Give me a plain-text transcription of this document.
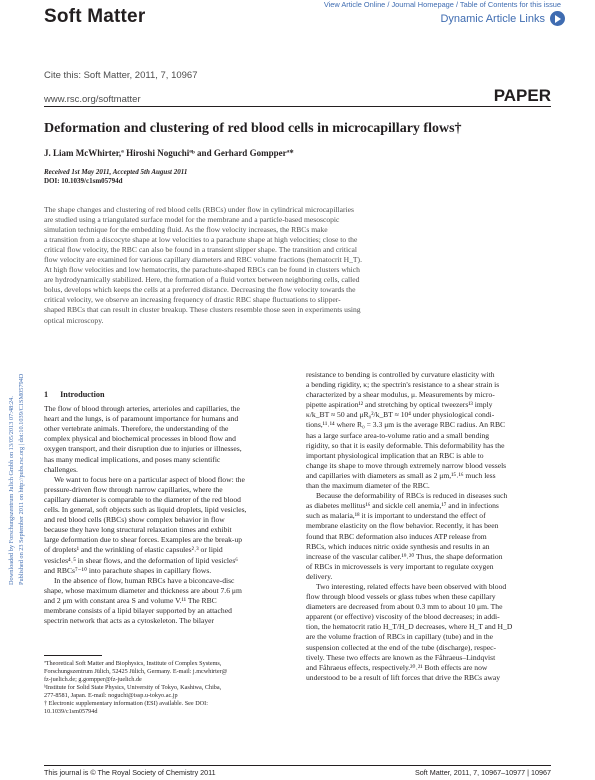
Soft Matter
View Article Online / Journal Homepage / Table of Contents for this issue
Dynamic Article Links
Cite this: Soft Matter, 2011, 7, 10967
www.rsc.org/softmatter	PAPER
Deformation and clustering of red blood cells in microcapillary flows†
J. Liam McWhirter,ª Hiroshi Noguchiªᵇ and Gerhard Gompperª*
Received 1st May 2011, Accepted 5th August 2011
DOI: 10.1039/c1sm05794d
Downloaded by Forschungszentrum Julich Gmbh on 13/05/2013 07:48:24. Published on 23 September 2011 on http://pubs.rsc.org | doi:10.1039/C1SM05794D
The shape changes and clustering of red blood cells (RBCs) under flow in cylindrical microcapillaries
are studied using a triangulated surface model for the membrane and a particle-based mesoscopic
simulation technique for the embedding fluid. As the flow velocity increases, the RBCs make
a transition from a discocyte shape at low velocities to a parachute shape at high velocities; close to the
critical flow velocity, the RBC can also be found in a transient slipper shape. The transition and critical
flow velocity are examined for various capillary diameters and RBC volume fractions (hematocrit H_T).
At high flow velocities and low hematocrits, the parachute-shaped RBCs can be found in clusters which
are hydrodynamically stabilized. Here, the formation of a fluid vortex between neighboring cells, called
bolus, develops which keeps the cells at a preferred distance. Decreasing the flow velocity towards the
critical velocity, we observe an increasing frequency of drastic RBC shape fluctuations to slipper-
shaped RBCs that can result in cluster breakup. These clusters resemble those seen in experiments using
optical microscopy.
1 Introduction
The flow of blood through arteries, arterioles and capillaries, the
heart and the lungs, is of paramount importance for humans and
other vertebrate animals. Therefore, the understanding of the
complex physical and biochemical processes in blood flow and
oxygen transport, and their disruption due to injuries or illnesses,
has many medical implications, and poses many scientific
challenges.
We want to focus here on a particular aspect of blood flow: the
pressure-driven flow through narrow capillaries, where the
capillary diameter is comparable to the diameter of the red blood
cells. In general, soft objects such as liquid droplets, lipid vesicles,
and red blood cells (RBCs) show complex behavior in flow
because they have long structural relaxation times and exhibit
large deformation due to shear forces. Examples are the break-up
of droplets¹ and the wrinkling of elastic capsules²˒³ or lipid
vesicles⁴˒⁵ in shear flows, and the deformation of lipid vesicles⁶
and RBCs⁷⁻¹⁰ into parachute shapes in capillary flows.
In the absence of flow, human RBCs have a biconcave-disc
shape, whose maximum diameter and thickness are about 7.6 μm
and 2 μm with constant area S and volume V.¹¹ The RBC
membrane consists of a lipid bilayer supported by an attached
spectrin network that acts as a cytoskeleton. The bilayer
resistance to bending is controlled by curvature elasticity with
a bending rigidity, κ; the spectrin's resistance to a shear strain is
characterized by a shear modulus, μ. Measurements by micro-
pipette aspiration¹² and stretching by optical tweezers¹³ imply
κ/k_BT ≈ 50 and μR₀²/k_BT ≈ 10⁴ under physiological condi-
tions,¹¹˒¹⁴ where R₀ = 3.3 μm is the average RBC radius. An RBC
has a large surface area-to-volume ratio and a small bending
rigidity, so that it is easily deformable. This deformability has the
important physiological implication that an RBC is able to
change its shape to move through extremely narrow blood vessels
and capillaries with diameters as small as 2 μm,¹⁵˒¹⁶ much less
than the maximum diameter of the RBC.
Because the deformability of RBCs is reduced in diseases such
as diabetes mellitus¹⁶ and sickle cell anemia,¹⁷ and in infections
such as malaria,¹⁸ it is important to understand the effect of
membrane elasticity on the flow behavior. Recently, it has been
found that RBC deformation also induces ATP release from
RBCs, which induces nitric oxide synthesis and results in an
increase of the vascular caliber.¹⁹˒²⁰ Thus, the shape deformation
of RBCs in microvessels is very important to regulate oxygen
delivery.
Two interesting, related effects have been observed with blood
flow through blood vessels or glass tubes when these capillary
diameters are decreased from about 0.3 mm to about 10 μm. The
apparent (or effective) viscosity of the blood decreases; in addi-
tion, the hematocrit ratio H_T/H_D decreases, where H_T and H_D
are the volume fraction of RBCs in capillary (tube) and in the
suspension collected at the end of the tube (discharge), respec-
tively. These two effects are known as the Fåhraeus–Lindqvist
and Fåhraeus effects, respectively.²⁰˒²¹ Both effects are now
understood to be a result of lift forces that drive the RBCs away
ªTheoretical Soft Matter and Biophysics, Institute of Complex Systems,
Forschungszentrum Jülich, 52425 Jülich, Germany. E-mail: j.mcwhirter@
fz-juelich.de; g.gompper@fz-juelich.de
ᵇInstitute for Solid State Physics, University of Tokyo, Kashiwa, Chiba,
277-8581, Japan. E-mail: noguchi@issp.u-tokyo.ac.jp
† Electronic supplementary information (ESI) available. See DOI:
10.1039/c1sm05794d
This journal is © The Royal Society of Chemistry 2011	Soft Matter, 2011, 7, 10967–10977 | 10967
